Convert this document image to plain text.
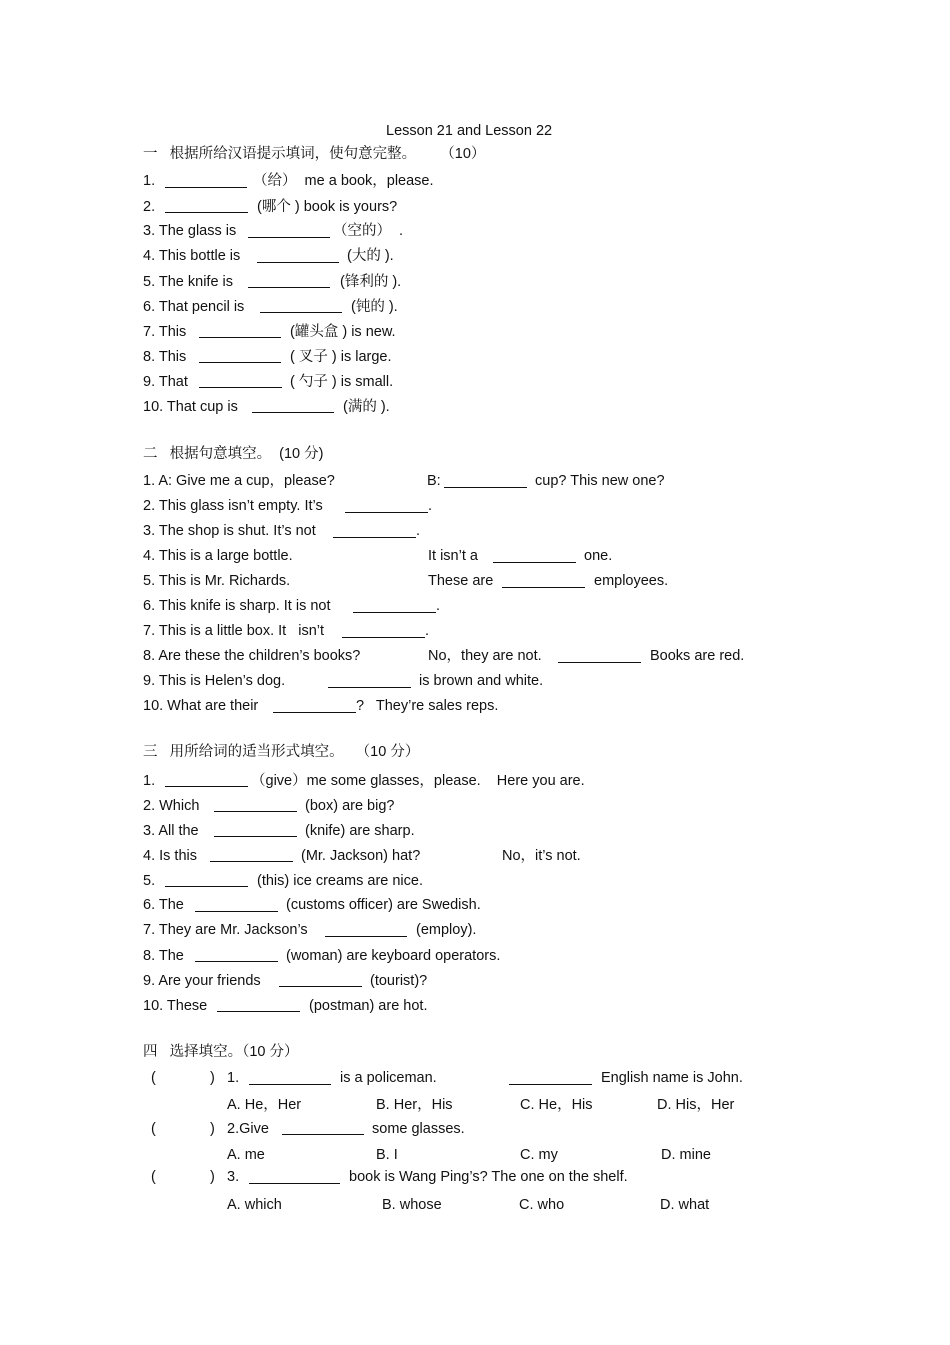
Lesson 21 and Lesson 22
一   根据所给汉语提示填词，使句意完整。      （10）
1.	（给）  me a book，please.
2.	(哪个 ) book is yours?
3. The glass is	（空的）  .
4. This bottle is	(大的 ).
5. The knife is	(锋利的 ).
6. That pencil is	(钝的 ).
7. This	(罐头盒 ) is new.
8. This	( 叉子 ) is large.
9. That	( 勺子 ) is small.
10. That cup is	(满的 ).
二   根据句意填空。  (10 分)
1. A: Give me a cup，please?	B:	cup? This new one?
2. This glass isn’t empty. It’s	.
3. The shop is shut. It’s not	.
4. This is a large bottle.	It isn’t a	one.
5. This is Mr. Richards.	These are	employees.
6. This knife is sharp. It is not	.
7. This is a little box. It   isn’t	.
8. Are these the children’s books?	No，they are not.	Books are red.
9. This is Helen’s dog.	is brown and white.
10. What are their	?   They’re sales reps.
三   用所给词的适当形式填空。   （10 分）
1.	（give）me some glasses，please.    Here you are.
2. Which	(box) are big?
3. All the	(knife) are sharp.
4. Is this	(Mr. Jackson) hat?	No，it’s not.
5.	(this) ice creams are nice.
6. The	(customs officer) are Swedish.
7. They are Mr. Jackson’s	(employ).
8. The	(woman) are keyboard operators.
9. Are your friends	(tourist)?
10. These	(postman) are hot.
四   选择填空。（10 分）
(	) 1.	is a policeman.	English name is John.
A. He，Her	B. Her，His	C. He，His	D. His，Her
(	) 2.Give	some glasses.
A. me	B. I	C. my	D. mine
(	) 3.	book is Wang Ping’s? The one on the shelf.
A. which	B. whose	C. who	D. what
